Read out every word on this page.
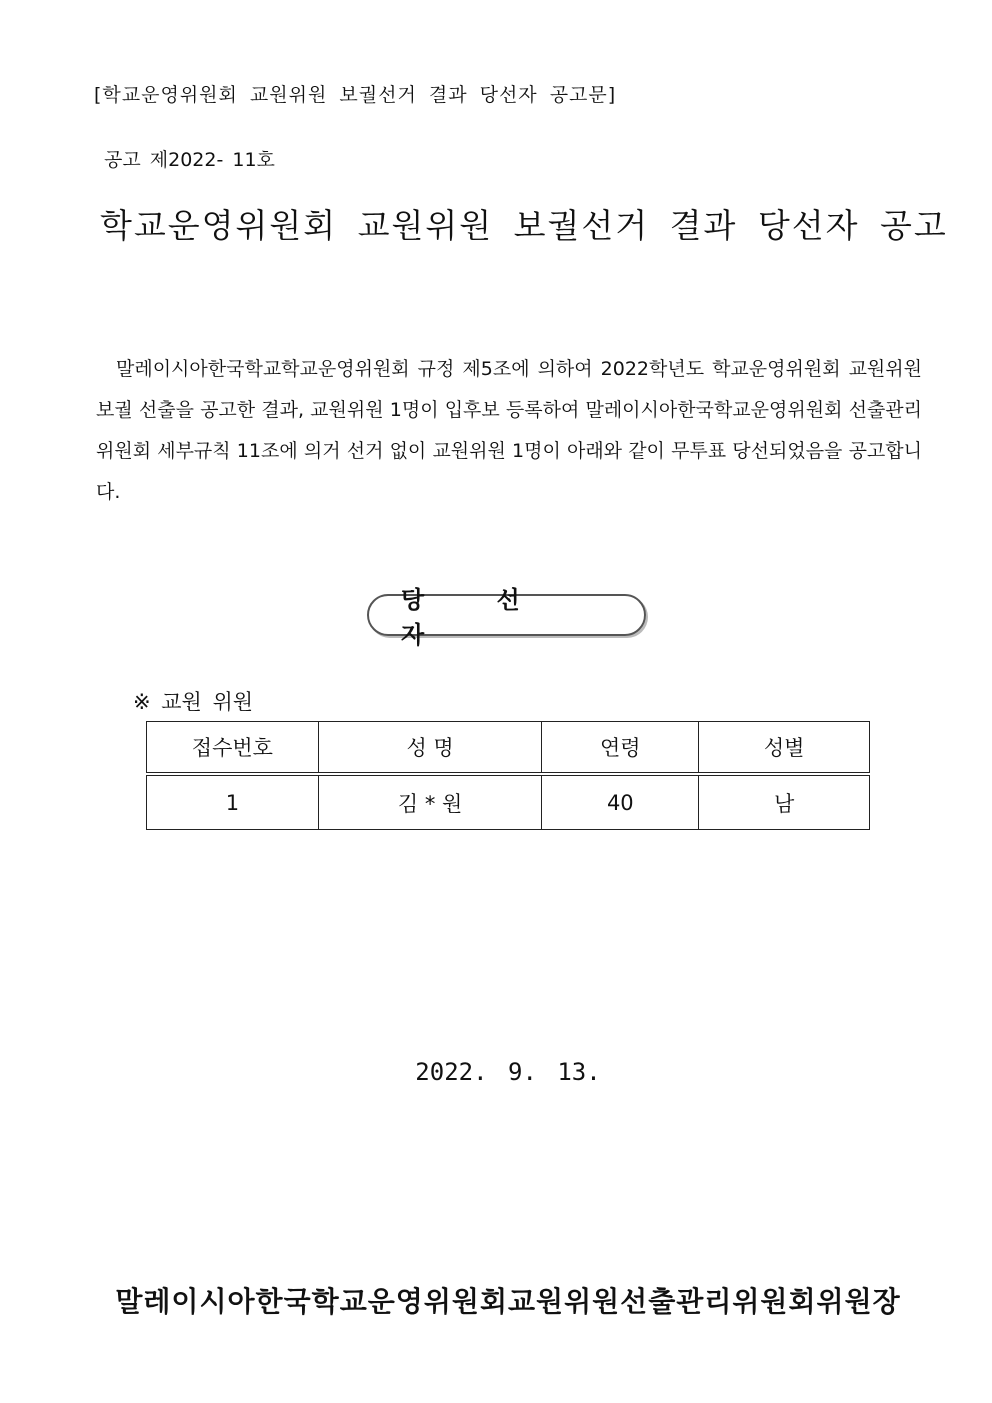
[학교운영위원회 교원위원 보궐선거 결과 당선자 공고문]
공고 제2022- 11호
학교운영위원회 교원위원 보궐선거 결과 당선자 공고

말레이시아한국학교학교운영위원회 규정 제5조에 의하여 2022학년도 학교운영위원회 교원위원 보궐 선출을 공고한 결과, 교원위원 1명이 입후보 등록하여 말레이시아한국학교운영위원회 선출관리위원회 세부규칙 11조에 의거 선거 없이 교원위원 1명이 아래와 같이 무투표 당선되었음을 공고합니다.

당 선 자
※ 교원 위원
접수번호	성 명	연령	성별
1	김 * 원	40	남
2022. 9. 13.
말레이시아한국학교운영위원회교원위원선출관리위원회위원장
